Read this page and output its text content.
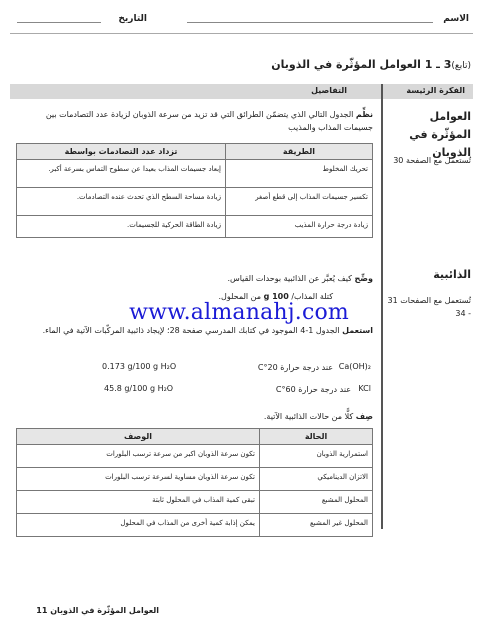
الاسم
التاريخ
(تابع)3 ـ 1 العوامل المؤثّرة في الذوبان
الفكرة الرئيسة
التفاصيل
العوامل المؤثّرة في الذوبان
تُستعمل مع الصفحة 30
نظِّم الجدول التالي الذي يتضمّن الطرائق التي قد تزيد من سرعة الذوبان لزيادة عدد التصادمات بين جسيمات المذاب والمذيب
الطريقة	تزداد عدد التصادمات بواسطة
تحريك المخلوط	إبعاد جسيمات المذاب بعيدا عن سطوح التماس بسرعة أكبر.
تكسير جسيمات المذاب إلى قطع أصغر	زيادة مساحة السطح الذي تحدث عنده التصادمات.
زيادة درجة حرارة المذيب	زيادة الطاقة الحركية للجسيمات.
الذائبية
تُستعمل مع الصفحات 31 - 34
وضِّح كيف يُعبَّر عن الذائبية بوحدات القياس.
كتلة المذاب/ 100 g من المحلول.
www.almanahj.com
استعمل الجدول 1-4 الموجود في كتابك المدرسي صفحة 28؛ لإيجاد ذائبية المركّبات الآتية في الماء.
Ca(OH)₂
عند درجة حرارة 20°C
0.173 g/100 g H₂O
KCl
عند درجة حرارة 60°C
45.8 g/100 g H₂O
صِف كلًّا من حالات الذائبية الآتية.
الحالة	الوصف
استمرارية الذوبان	تكون سرعة الذوبان اكبر من سرعة ترسب البلورات
الاتزان الديناميكي	تكون سرعة الذوبان مساوية لسرعة ترسب البلورات
المحلول المشبع	تبقى كمية المذاب في المحلول ثابتة
المحلول غير المشبع	يمكن إذابة كمية أخرى من المذاب في المحلول
العوامل المؤثّرة في الذوبان 11
